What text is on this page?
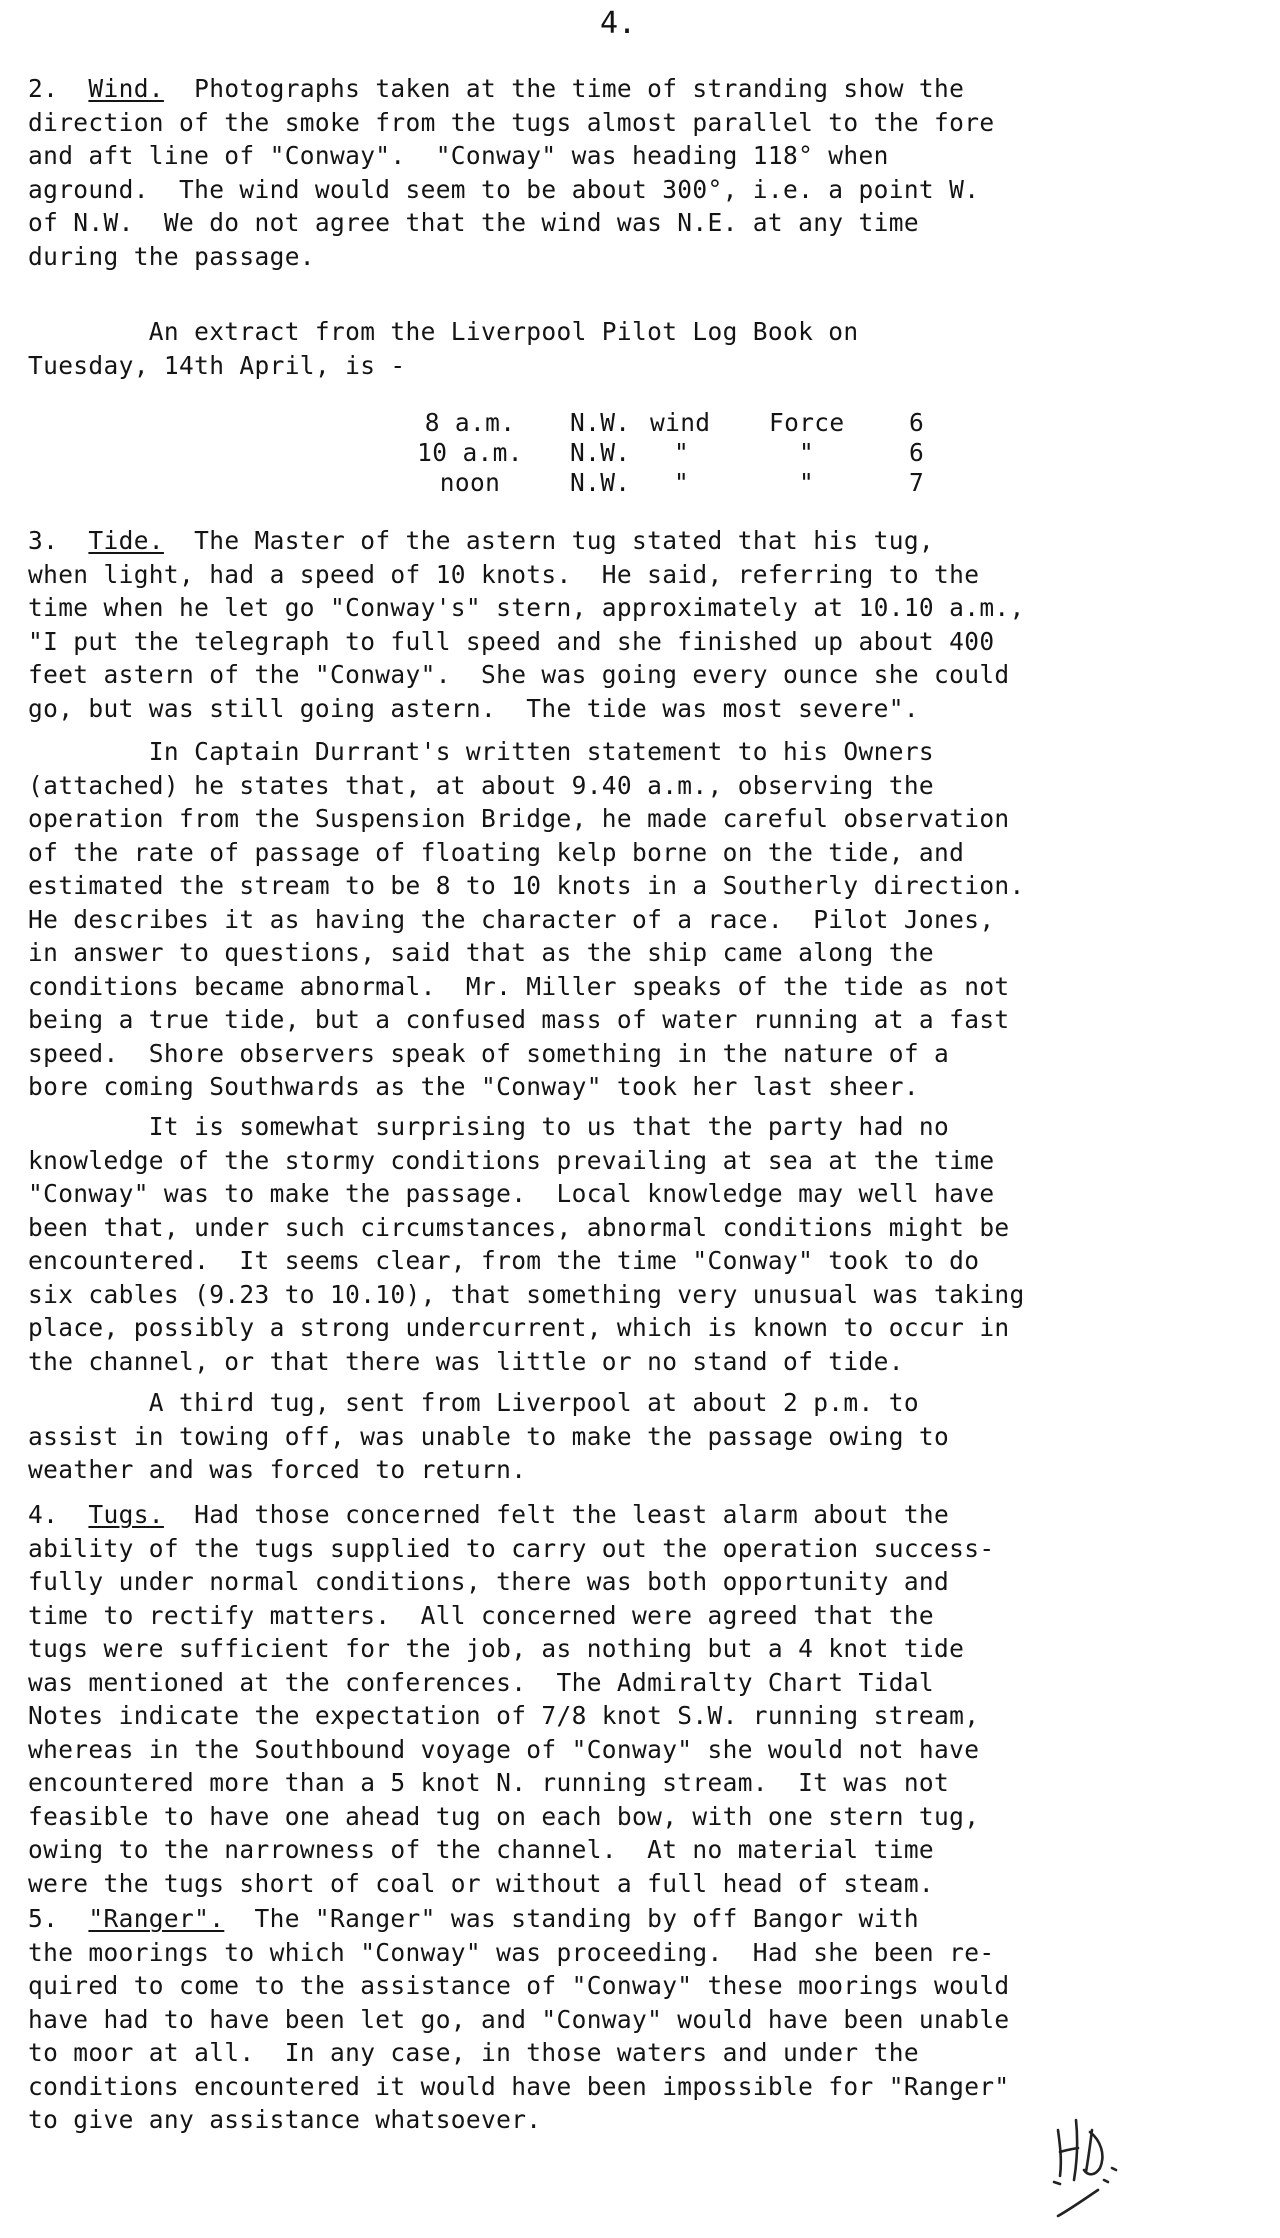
4.
2. Wind. Photographs taken at the time of stranding show the
direction of the smoke from the tugs almost parallel to the fore
and aft line of "Conway".  "Conway" was heading 118° when
aground.  The wind would seem to be about 300°, i.e. a point W.
of N.W.  We do not agree that the wind was N.E. at any time
during the passage.
An extract from the Liverpool Pilot Log Book on
Tuesday, 14th April, is -
8 a.m.	N.W.	wind	Force	6
10 a.m.	N.W.	"	"	6
noon	N.W.	"	"	7
3. Tide. The Master of the astern tug stated that his tug,
when light, had a speed of 10 knots.  He said, referring to the
time when he let go "Conway's" stern, approximately at 10.10 a.m.,
"I put the telegraph to full speed and she finished up about 400
feet astern of the "Conway".  She was going every ounce she could
go, but was still going astern.  The tide was most severe".
In Captain Durrant's written statement to his Owners
(attached) he states that, at about 9.40 a.m., observing the
operation from the Suspension Bridge, he made careful observation
of the rate of passage of floating kelp borne on the tide, and
estimated the stream to be 8 to 10 knots in a Southerly direction.
He describes it as having the character of a race.  Pilot Jones,
in answer to questions, said that as the ship came along the
conditions became abnormal.  Mr. Miller speaks of the tide as not
being a true tide, but a confused mass of water running at a fast
speed.  Shore observers speak of something in the nature of a
bore coming Southwards as the "Conway" took her last sheer.
It is somewhat surprising to us that the party had no
knowledge of the stormy conditions prevailing at sea at the time
"Conway" was to make the passage.  Local knowledge may well have
been that, under such circumstances, abnormal conditions might be
encountered.  It seems clear, from the time "Conway" took to do
six cables (9.23 to 10.10), that something very unusual was taking
place, possibly a strong undercurrent, which is known to occur in
the channel, or that there was little or no stand of tide.
A third tug, sent from Liverpool at about 2 p.m. to
assist in towing off, was unable to make the passage owing to
weather and was forced to return.
4. Tugs. Had those concerned felt the least alarm about the
ability of the tugs supplied to carry out the operation success-
fully under normal conditions, there was both opportunity and
time to rectify matters.  All concerned were agreed that the
tugs were sufficient for the job, as nothing but a 4 knot tide
was mentioned at the conferences.  The Admiralty Chart Tidal
Notes indicate the expectation of 7/8 knot S.W. running stream,
whereas in the Southbound voyage of "Conway" she would not have
encountered more than a 5 knot N. running stream.  It was not
feasible to have one ahead tug on each bow, with one stern tug,
owing to the narrowness of the channel.  At no material time
were the tugs short of coal or without a full head of steam.
5. "Ranger". The "Ranger" was standing by off Bangor with
the moorings to which "Conway" was proceeding.  Had she been re-
quired to come to the assistance of "Conway" these moorings would
have had to have been let go, and "Conway" would have been unable
to moor at all.  In any case, in those waters and under the
conditions encountered it would have been impossible for "Ranger"
to give any assistance whatsoever.
